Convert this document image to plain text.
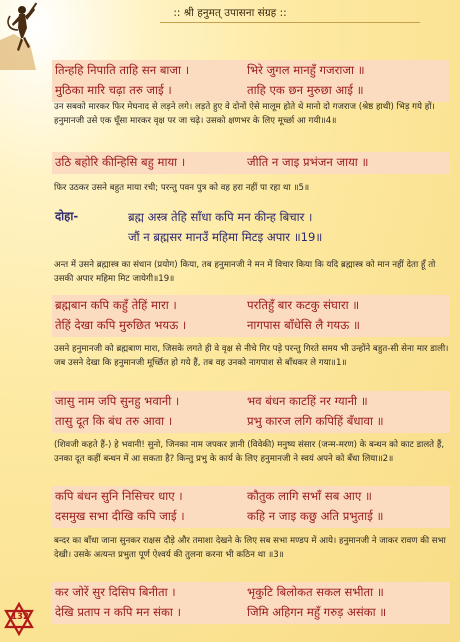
:: श्री हनुमत् उपासना संग्रह ::
तिन्हहि निपाति ताहि सन बाजा ।	भिरे जुगल मानहुँ गजराजा ॥
मुठिका मारि चढ़ा तरु जाई ।	ताहि एक छन मुरुछा आई ॥

उन सबको मारकर फिर मेघनाद से लड़ने लगे। लड़ते हुए वे दोनों ऐसे मालूम होते थे मानो दो गजराज (श्रेष्ठ हाथी) भिड़ गये हों। हनुमानजी उसे एक घूँसा मारकर वृक्ष पर जा चढ़े। उसको क्षणभर के लिए मूर्च्छा आ गयी॥4॥

उठि बहोरि कीन्हिसि बहु माया ।	जीति न जाइ प्रभंजन जाया ॥

फिर उठकर उसने बहुत माया रची; परन्तु पवन पुत्र को वह हरा नहीं पा रहा था ॥5॥

दोहा-	ब्रह्म अस्त्र तेहि साँधा कपि मन कीन्ह बिचार ।
जौं न ब्रह्मसर मानउँ महिमा मिटइ अपार ॥19॥

अन्त में उसने ब्रह्मास्त्र का संधान (प्रयोग) किया, तब हनुमानजी ने मन में विचार किया कि यदि ब्रह्मास्त्र को मान नहीं देता हूँ तो उसकी अपार महिमा मिट जायेगी॥19॥

ब्रह्मबान कपि कहुँ तेहिं मारा ।	परतिहुँ बार कटकु संघारा ॥
तेहिं देखा कपि मुरुछित भयऊ ।	नागपास बाँधेसि लै गयऊ ॥

उसने हनुमानजी को ब्रह्मबाण मारा, जिसके लगते ही वे वृक्ष से नीचे गिर पड़े परन्तु गिरते समय भी उन्होंने बहुत-सी सेना मार डाली। जब उसने देखा कि हनुमानजी मूर्च्छित हो गये हैं, तब वह उनको नागपाश से बाँधकर ले गया॥1॥

जासु नाम जपि सुनहु भवानी ।	भव बंधन काटहिं नर ग्यानी ॥
तासु दूत कि बंध तरु आवा ।	प्रभु कारज लगि कपिहिं बँधावा ॥

(शिवजी कहते हैं-) हे भवानी! सुनो, जिनका नाम जपकर ज्ञानी (विवेकी) मनुष्य संसार (जन्म-मरण) के बन्धन को काट डालते हैं, उनका दूत कहीं बन्धन में आ सकता है? किन्तु प्रभु के कार्य के लिए हनुमानजी ने स्वयं अपने को बँधा लिया॥2॥

कपि बंधन सुनि निसिचर धाए ।	कौतुक लागि सभाँ सब आए ॥
दसमुख सभा दीखि कपि जाई ।	कहि न जाइ कछु अति प्रभुताई ॥

बन्दर का बाँधा जाना सुनकर राक्षस दौड़े और तमाशा देखने के लिए सब सभा मण्डप में आये। हनुमानजी ने जाकर रावण की सभा देखी। उसके अत्यन्त प्रभुता पूर्ण ऐश्वर्य की तुलना करना भी कठिन था ॥3॥

कर जोरें सुर दिसिप बिनीता ।	भृकुटि बिलोकत सकल सभीता ॥
देखि प्रताप न कपि मन संका ।	जिमि अहिगन महुँ गरुड़ असंका ॥
132
